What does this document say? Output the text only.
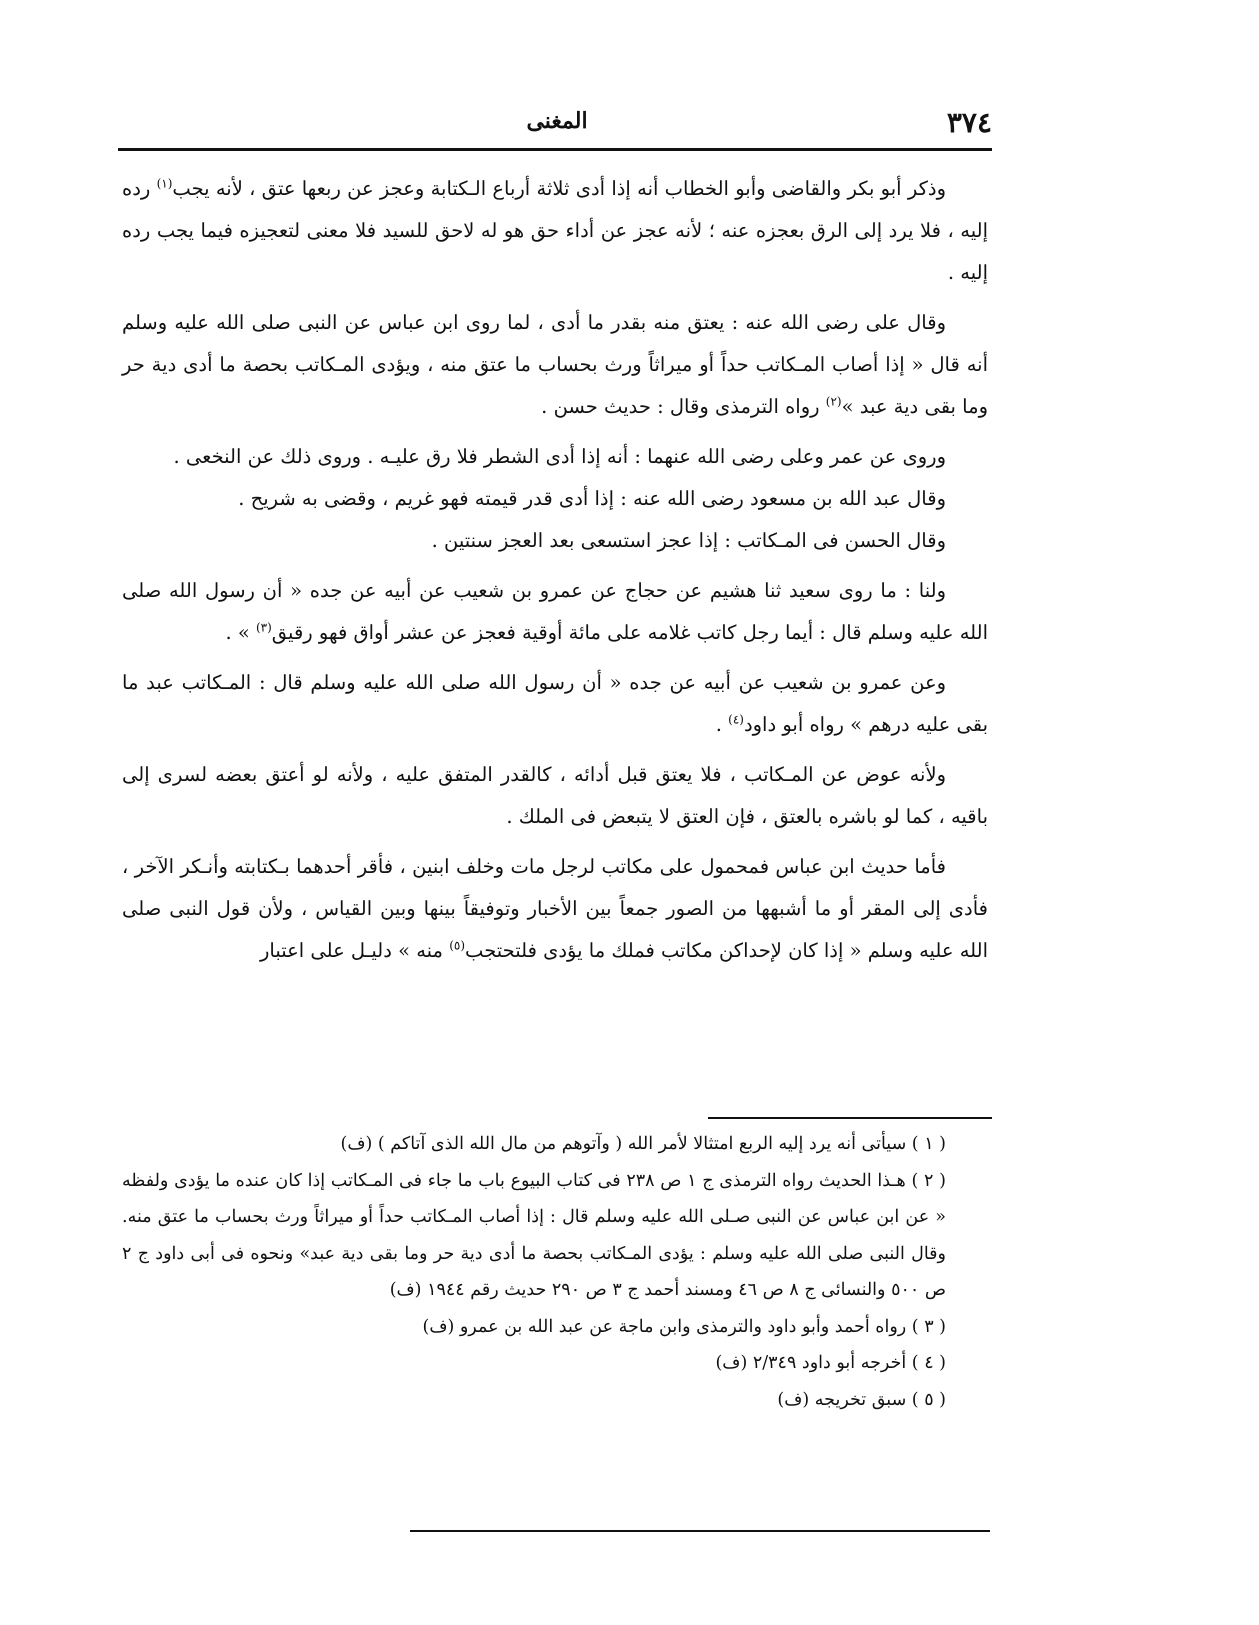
٣٧٤
المغنى

وذكر أبو بكر والقاضى وأبو الخطاب أنه إذا أدى ثلاثة أرباع الـكتابة وعجز عن ربعها عتق ، لأنه يجب$^{(١)}$ رده إليه ، فلا يرد إلى الرق بعجزه عنه ؛ لأنه عجز عن أداء حق هو له لاحق للسيد فلا معنى لتعجيزه فيما يجب رده إليه .

وقال على رضى الله عنه : يعتق منه بقدر ما أدى ، لما روى ابن عباس عن النبى صلى الله عليه وسلم أنه قال « إذا أصاب المـكاتب حداً أو ميراثاً ورث بحساب ما عتق منه ، ويؤدى المـكاتب بحصة ما أدى دية حر وما بقى دية عبد »$^{(٢)}$ رواه الترمذى وقال : حديث حسن .

وروى عن عمر وعلى رضى الله عنهما : أنه إذا أدى الشطر فلا رق عليـه . وروى ذلك عن النخعى .

وقال عبد الله بن مسعود رضى الله عنه : إذا أدى قدر قيمته فهو غريم ، وقضى به شريح .

وقال الحسن فى المـكاتب : إذا عجز استسعى بعد العجز سنتين .

ولنا : ما روى سعيد ثنا هشيم عن حجاج عن عمرو بن شعيب عن أبيه عن جده « أن رسول الله صلى الله عليه وسلم قال : أيما رجل كاتب غلامه على مائة أوقية فعجز عن عشر أواق فهو رقيق$^{(٣)}$ » .

وعن عمرو بن شعيب عن أبيه عن جده « أن رسول الله صلى الله عليه وسلم قال : المـكاتب عبد ما بقى عليه درهم » رواه أبو داود$^{(٤)}$ .

ولأنه عوض عن المـكاتب ، فلا يعتق قبل أدائه ، كالقدر المتفق عليه ، ولأنه لو أعتق بعضه لسرى إلى باقيه ، كما لو باشره بالعتق ، فإن العتق لا يتبعض فى الملك .

فأما حديث ابن عباس فمحمول على مكاتب لرجل مات وخلف ابنين ، فأقر أحدهما بـكتابته وأنـكر الآخر ، فأدى إلى المقر أو ما أشبهها من الصور جمعاً بين الأخبار وتوفيقاً بينها وبين القياس ، ولأن قول النبى صلى الله عليه وسلم « إذا كان لإحداكن مكاتب فملك ما يؤدى فلتحتجب$^{(٥)}$ منه » دليـل على اعتبار

( ١ ) سيأتى أنه يرد إليه الربع امتثالا لأمر الله ( وآتوهم من مال الله الذى آتاكم ) (ف)

( ٢ ) هـذا الحديث رواه الترمذى ج ١ ص ٢٣٨ فى كتاب البيوع باب ما جاء فى المـكاتب إذا كان عنده ما يؤدى ولفظه « عن ابن عباس عن النبى صـلى الله عليه وسلم قال : إذا أصاب المـكاتب حداً أو ميراثاً ورث بحساب ما عتق منه. وقال النبى صلى الله عليه وسلم : يؤدى المـكاتب بحصة ما أدى دية حر وما بقى دية عبد» ونحوه فى أبى داود ج ٢ ص ٥٠٠ والنسائى ج ٨ ص ٤٦ ومسند أحمد ج ٣ ص ٢٩٠ حديث رقم ١٩٤٤ (ف)

( ٣ ) رواه أحمد وأبو داود والترمذى وابن ماجة عن عبد الله بن عمرو (ف)

( ٤ ) أخرجه أبو داود ٢/٣٤٩ (ف)

( ٥ ) سبق تخريجه (ف)
